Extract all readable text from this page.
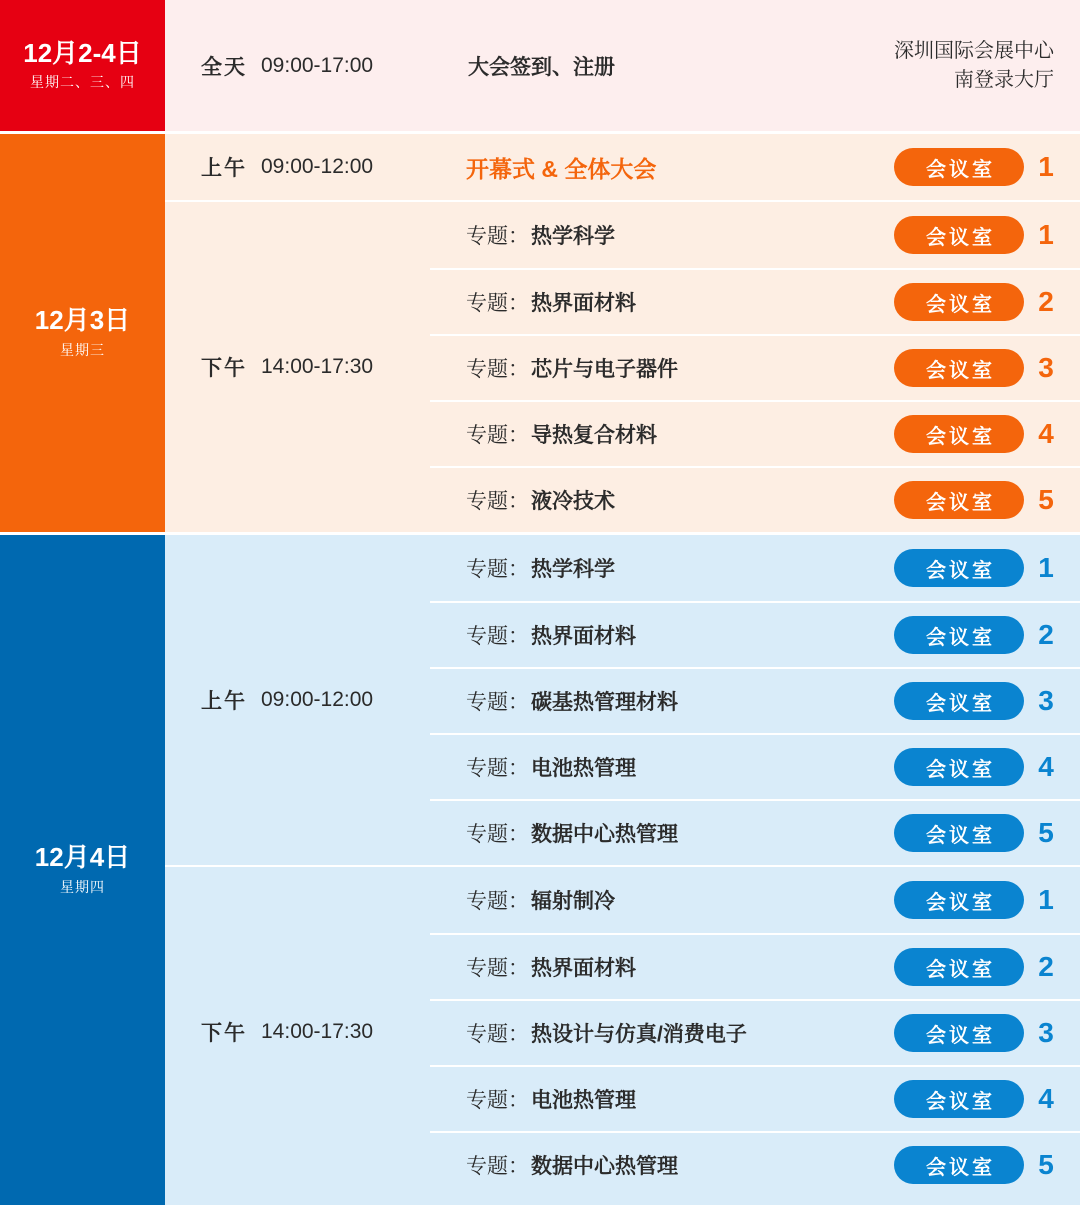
12月2-4日
星期二、三、四
全天 09:00-17:00	大会签到、注册
深圳国际会展中心
南登录大厅
12月3日
星期三
上午 09:00-12:00	开幕式 & 全体大会	会议室	1
下午 14:00-17:30
专题：热学科学	会议室	1
专题：热界面材料	会议室	2
专题：芯片与电子器件	会议室	3
专题：导热复合材料	会议室	4
专题：液冷技术	会议室	5
12月4日
星期四
上午 09:00-12:00
专题：热学科学	会议室	1
专题：热界面材料	会议室	2
专题：碳基热管理材料	会议室	3
专题：电池热管理	会议室	4
专题：数据中心热管理	会议室	5
下午 14:00-17:30
专题：辐射制冷	会议室	1
专题：热界面材料	会议室	2
专题：热设计与仿真/消费电子	会议室	3
专题：电池热管理	会议室	4
专题：数据中心热管理	会议室	5
